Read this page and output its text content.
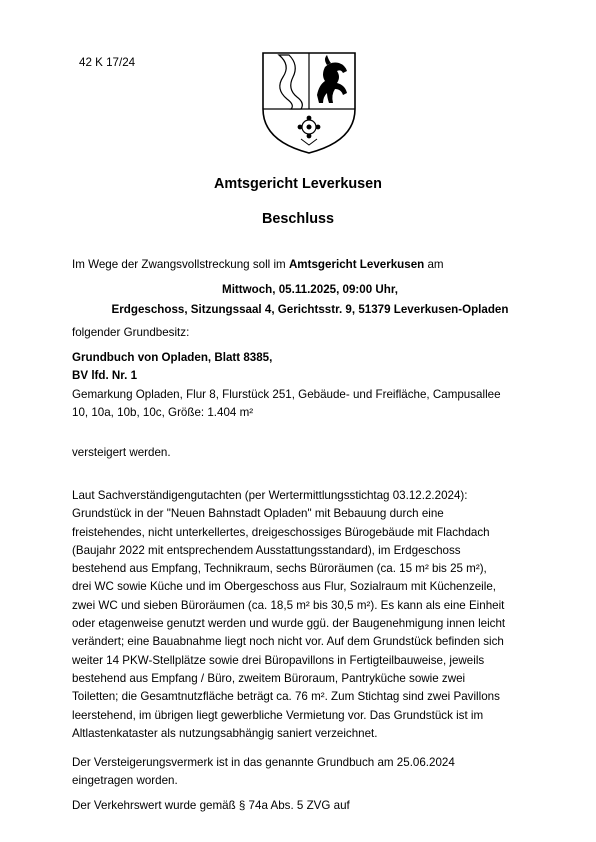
42 K 17/24
Amtsgericht Leverkusen
Beschluss
Im Wege der Zwangsvollstreckung soll im Amtsgericht Leverkusen am
Mittwoch, 05.11.2025, 09:00 Uhr,
Erdgeschoss, Sitzungssaal 4, Gerichtsstr. 9, 51379 Leverkusen-Opladen
folgender Grundbesitz:
Grundbuch von Opladen, Blatt 8385,
BV lfd. Nr. 1
Gemarkung Opladen, Flur 8, Flurstück 251, Gebäude- und Freifläche, Campusallee
10, 10a, 10b, 10c, Größe: 1.404 m²
versteigert werden.
Laut Sachverständigengutachten (per Wertermittlungsstichtag 03.12.2.2024):
Grundstück in der "Neuen Bahnstadt Opladen" mit Bebauung durch eine
freistehendes, nicht unterkellertes, dreigeschossiges Bürogebäude mit Flachdach
(Baujahr 2022 mit entsprechendem Ausstattungsstandard), im Erdgeschoss
bestehend aus Empfang, Technikraum, sechs Büroräumen (ca. 15 m² bis 25 m²),
drei WC sowie Küche und im Obergeschoss aus Flur, Sozialraum mit Küchenzeile,
zwei WC und sieben Büroräumen (ca. 18,5 m² bis 30,5 m²). Es kann als eine Einheit
oder etagenweise genutzt werden und wurde ggü. der Baugenehmigung innen leicht
verändert; eine Bauabnahme liegt noch nicht vor. Auf dem Grundstück befinden sich
weiter 14 PKW-Stellplätze sowie drei Büropavillons in Fertigteilbauweise, jeweils
bestehend aus Empfang / Büro, zweitem Büroraum, Pantryküche sowie zwei
Toiletten; die Gesamtnutzfläche beträgt ca. 76 m². Zum Stichtag sind zwei Pavillons
leerstehend, im übrigen liegt gewerbliche Vermietung vor. Das Grundstück ist im
Altlastenkataster als nutzungsabhängig saniert verzeichnet.
Der Versteigerungsvermerk ist in das genannte Grundbuch am 25.06.2024
eingetragen worden.
Der Verkehrswert wurde gemäß § 74a Abs. 5 ZVG auf
